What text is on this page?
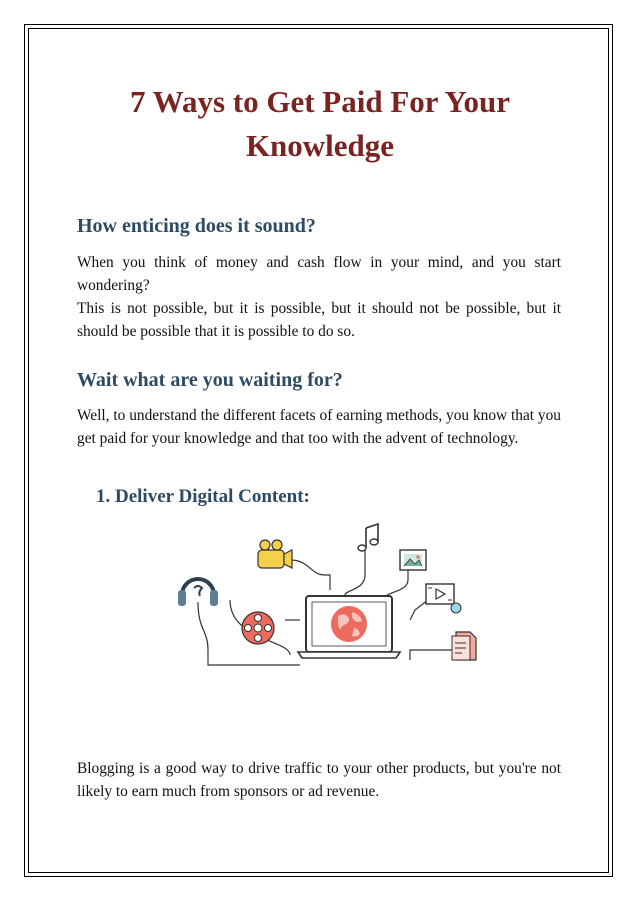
7 Ways to Get Paid For Your Knowledge
How enticing does it sound?

When you think of money and cash flow in your mind, and you start wondering?
This is not possible, but it is possible, but it should not be possible, but it should be possible that it is possible to do so.

Wait what are you waiting for?

Well, to understand the different facets of earning methods, you know that you get paid for your knowledge and that too with the advent of technology.

1. Deliver Digital Content:

Blogging is a good way to drive traffic to your other products, but you're not likely to earn much from sponsors or ad revenue.
